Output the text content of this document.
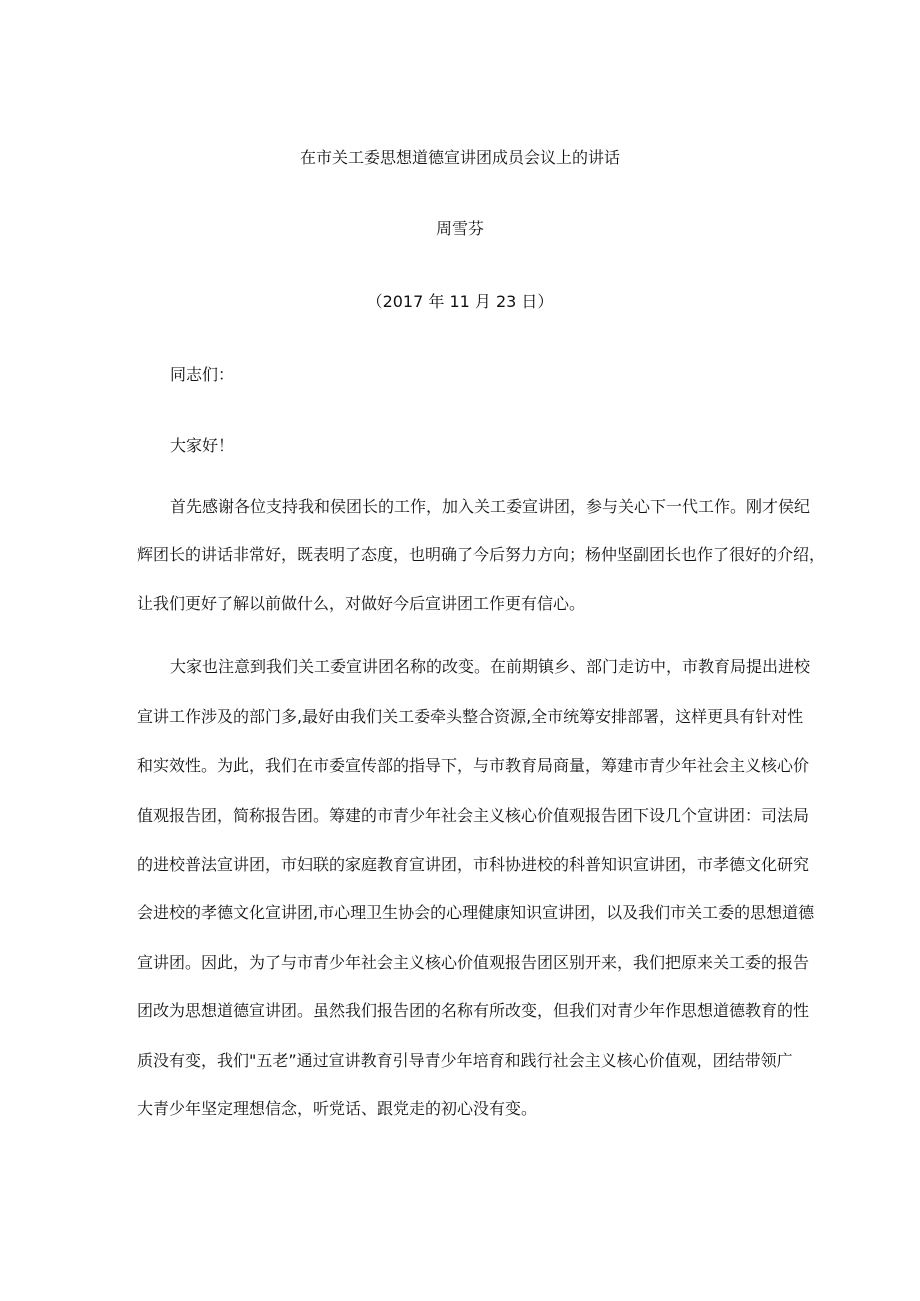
在市关工委思想道德宣讲团成员会议上的讲话
周雪芬
（2017 年 11 月 23 日）
同志们：
大家好！
首先感谢各位支持我和侯团长的工作，加入关工委宣讲团，参与关心下一代工作。刚才侯纪
辉团长的讲话非常好，既表明了态度，也明确了今后努力方向；杨仲坚副团长也作了很好的介绍，
让我们更好了解以前做什么，对做好今后宣讲团工作更有信心。
大家也注意到我们关工委宣讲团名称的改变。在前期镇乡、部门走访中，市教育局提出进校
宣讲工作涉及的部门多,最好由我们关工委牵头整合资源,全市统筹安排部署，这样更具有针对性
和实效性。为此，我们在市委宣传部的指导下，与市教育局商量，筹建市青少年社会主义核心价
值观报告团，简称报告团。筹建的市青少年社会主义核心价值观报告团下设几个宣讲团：司法局
的进校普法宣讲团，市妇联的家庭教育宣讲团，市科协进校的科普知识宣讲团，市孝德文化研究
会进校的孝德文化宣讲团,市心理卫生协会的心理健康知识宣讲团，以及我们市关工委的思想道德
宣讲团。因此，为了与市青少年社会主义核心价值观报告团区别开来，我们把原来关工委的报告
团改为思想道德宣讲团。虽然我们报告团的名称有所改变，但我们对青少年作思想道德教育的性
质没有变，我们"五老”通过宣讲教育引导青少年培育和践行社会主义核心价值观，团结带领广
大青少年坚定理想信念，听党话、跟党走的初心没有变。
